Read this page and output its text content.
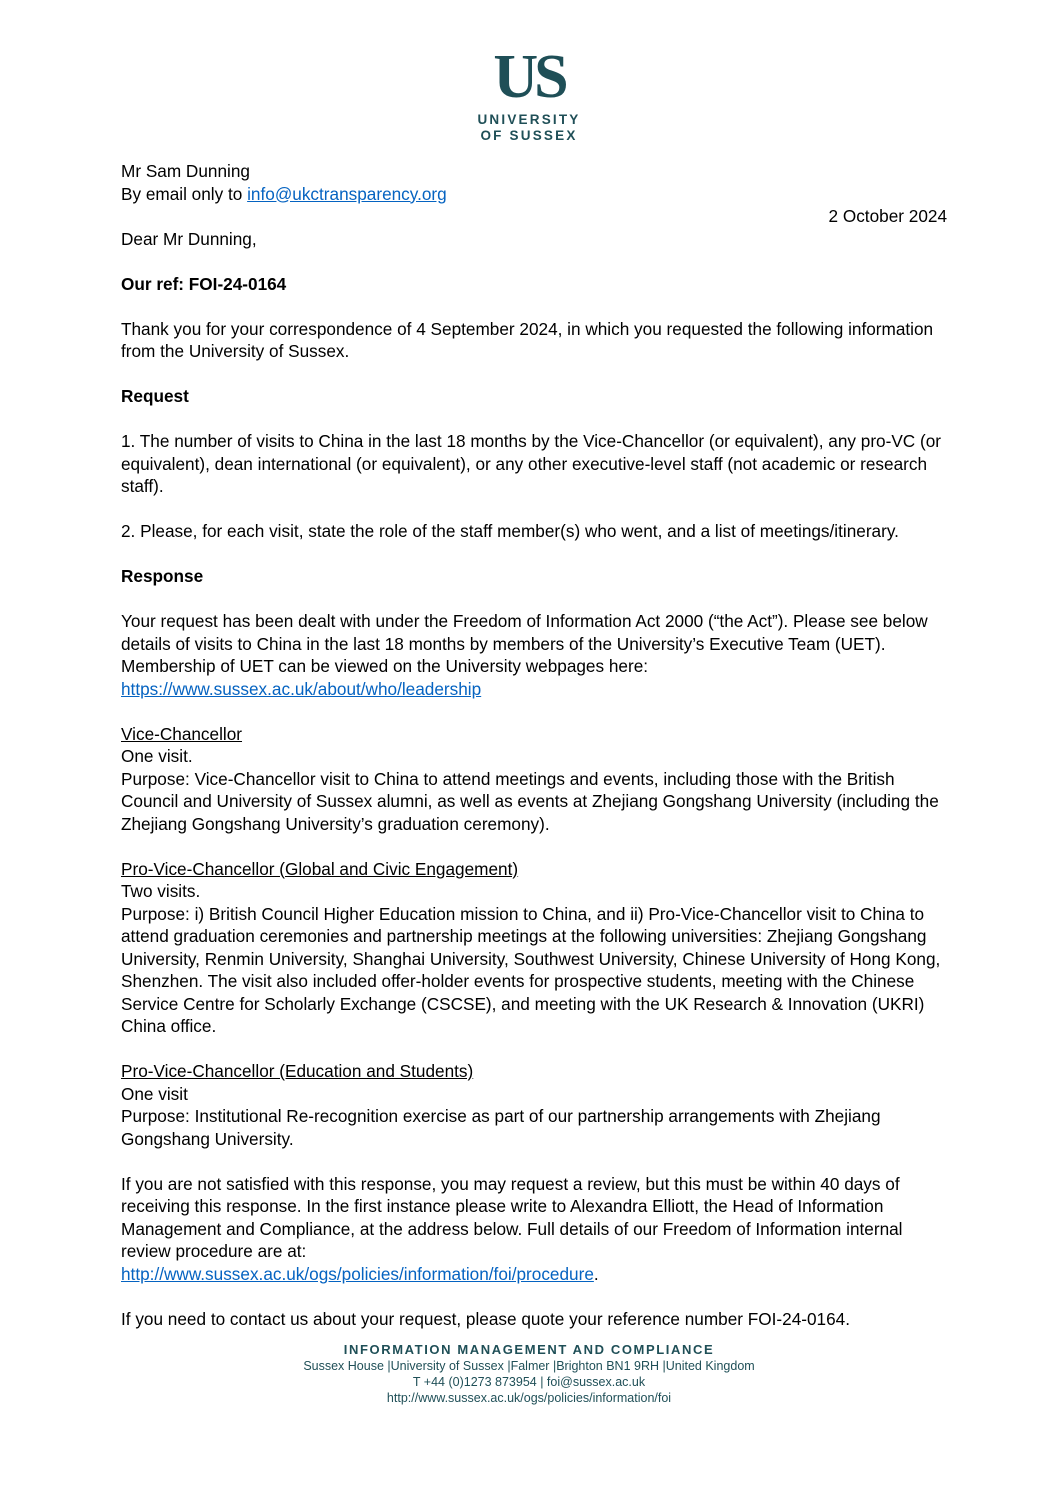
US
UNIVERSITY
OF SUSSEX

Mr Sam Dunning

By email only to info@ukctransparency.org

2 October 2024

Dear Mr Dunning,

Our ref: FOI-24-0164

Thank you for your correspondence of 4 September 2024, in which you requested the following information from the University of Sussex.

Request

1. The number of visits to China in the last 18 months by the Vice-Chancellor (or equivalent), any pro-VC (or equivalent), dean international (or equivalent), or any other executive-level staff (not academic or research staff).

2. Please, for each visit, state the role of the staff member(s) who went, and a list of meetings/itinerary.

Response

Your request has been dealt with under the Freedom of Information Act 2000 (“the Act”). Please see below details of visits to China in the last 18 months by members of the University’s Executive Team (UET). Membership of UET can be viewed on the University webpages here:

https://www.sussex.ac.uk/about/who/leadership

Vice-Chancellor

One visit.

Purpose: Vice-Chancellor visit to China to attend meetings and events, including those with the British Council and University of Sussex alumni, as well as events at Zhejiang Gongshang University (including the Zhejiang Gongshang University’s graduation ceremony).

Pro-Vice-Chancellor (Global and Civic Engagement)

Two visits.

Purpose: i) British Council Higher Education mission to China, and ii) Pro-Vice-Chancellor visit to China to attend graduation ceremonies and partnership meetings at the following universities: Zhejiang Gongshang University, Renmin University, Shanghai University, Southwest University, Chinese University of Hong Kong, Shenzhen. The visit also included offer-holder events for prospective students, meeting with the Chinese Service Centre for Scholarly Exchange (CSCSE), and meeting with the UK Research & Innovation (UKRI) China office.

Pro-Vice-Chancellor (Education and Students)

One visit

Purpose: Institutional Re-recognition exercise as part of our partnership arrangements with Zhejiang Gongshang University.

If you are not satisfied with this response, you may request a review, but this must be within 40 days of receiving this response. In the first instance please write to Alexandra Elliott, the Head of Information Management and Compliance, at the address below. Full details of our Freedom of Information internal review procedure are at:

http://www.sussex.ac.uk/ogs/policies/information/foi/procedure.

If you need to contact us about your request, please quote your reference number FOI-24-0164.

INFORMATION MANAGEMENT AND COMPLIANCE
Sussex House |University of Sussex |Falmer |Brighton BN1 9RH |United Kingdom
T +44 (0)1273 873954 | foi@sussex.ac.uk
http://www.sussex.ac.uk/ogs/policies/information/foi
